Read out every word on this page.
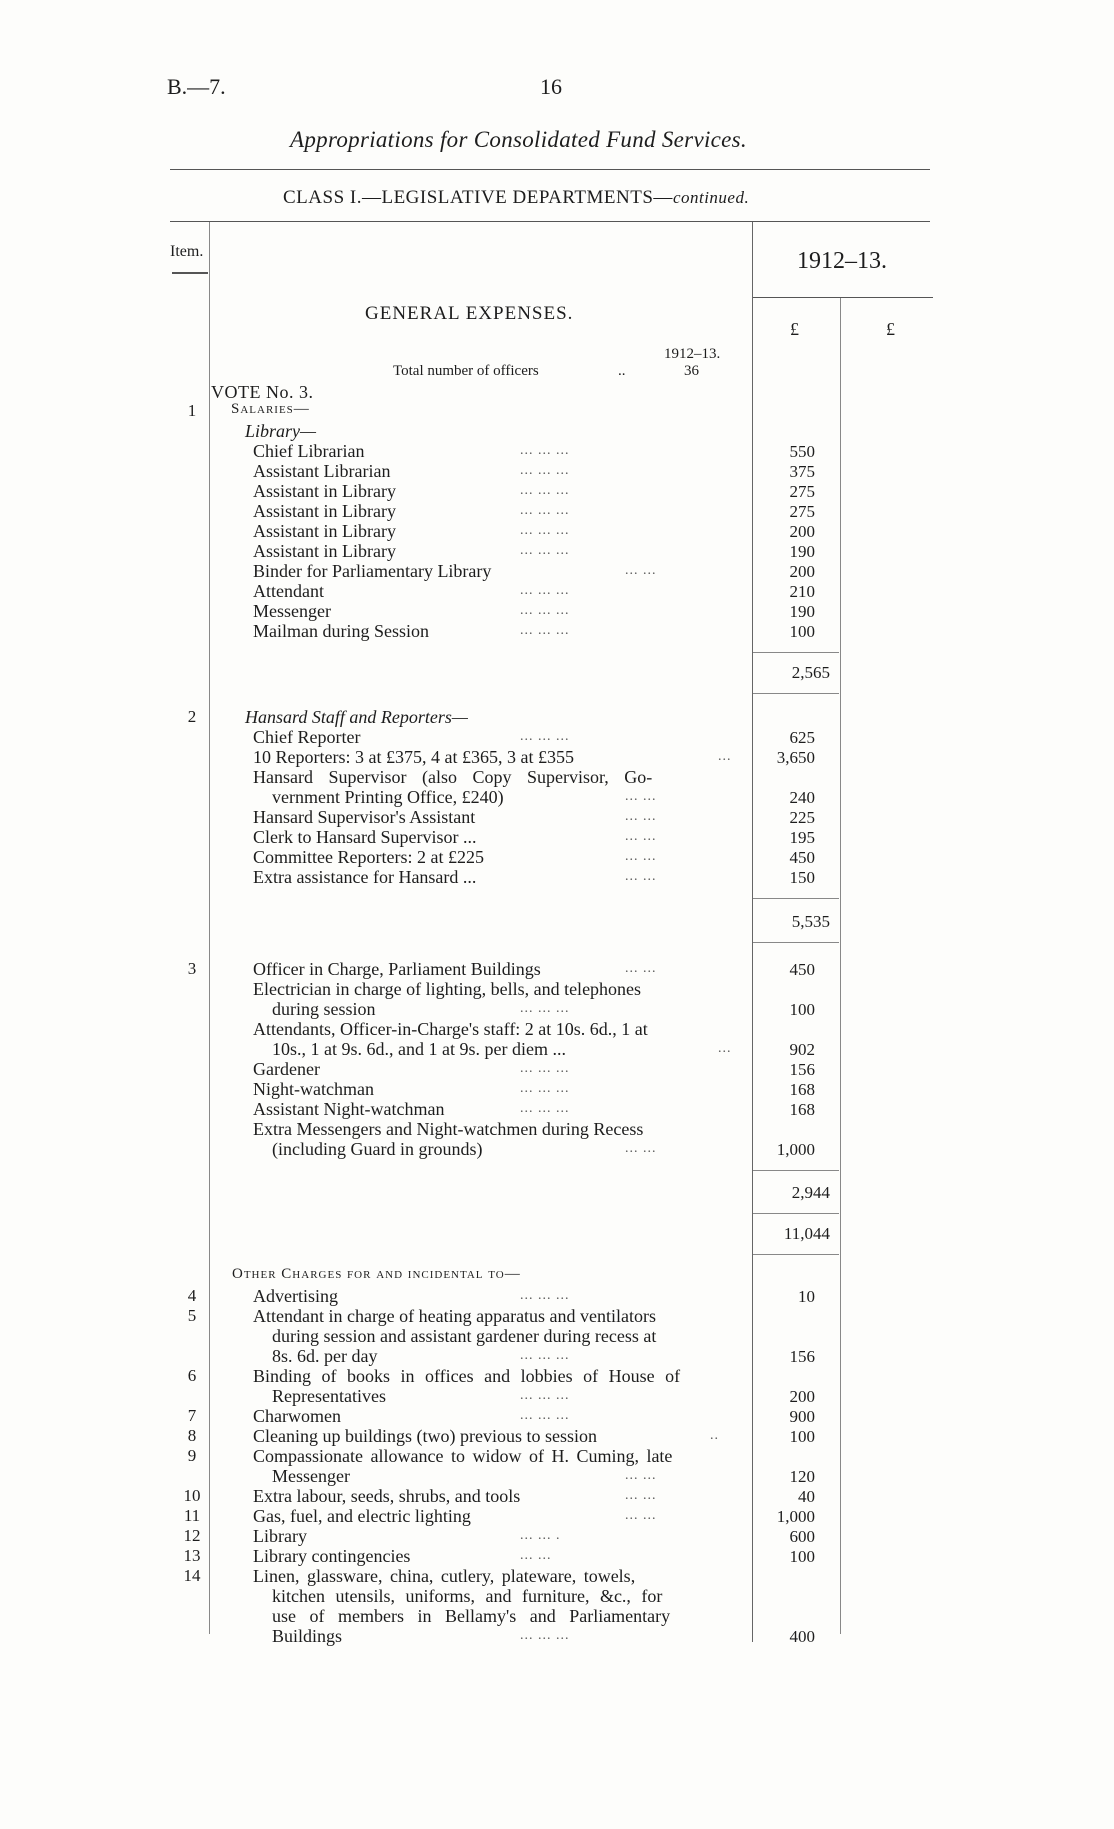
B.—7.	16
Appropriations for Consolidated Fund Services.
CLASS I.—LEGISLATIVE DEPARTMENTS—continued.
Item.	1912–13.
£	£
GENERAL EXPENSES.
1912–13.
Total number of officers	..	36
VOTE No. 3.
Salaries—
1
Library—
Chief Librarian	... ... ...	550
Assistant Librarian	... ... ...	375
Assistant in Library	... ... ...	275
Assistant in Library	... ... ...	275
Assistant in Library	... ... ...	200
Assistant in Library	... ... ...	190
Binder for Parliamentary Library	... ...	200
Attendant	... ... ...	210
Messenger	... ... ...	190
Mailman during Session	... ... ...	100
2,565
2	Hansard Staff and Reporters—
Chief Reporter	... ... ...	625
10 Reporters: 3 at £375, 4 at £365, 3 at £355	...	3,650
Hansard Supervisor (also Copy Supervisor, Go-
vernment Printing Office, £240)	... ...	240
Hansard Supervisor's Assistant	... ...	225
Clerk to Hansard Supervisor ...	... ...	195
Committee Reporters: 2 at £225	... ...	450
Extra assistance for Hansard ...	... ...	150
5,535
3	Officer in Charge, Parliament Buildings	... ...	450
Electrician in charge of lighting, bells, and telephones
during session	... ... ...	100
Attendants, Officer-in-Charge's staff: 2 at 10s. 6d., 1 at
10s., 1 at 9s. 6d., and 1 at 9s. per diem ...	...	902
Gardener	... ... ...	156
Night-watchman	... ... ...	168
Assistant Night-watchman	... ... ...	168
Extra Messengers and Night-watchmen during Recess
(including Guard in grounds)	... ...	1,000
2,944
11,044
Other Charges for and incidental to—
4	Advertising	... ... ...	10
5	Attendant in charge of heating apparatus and ventilators
during session and assistant gardener during recess at
8s. 6d. per day	... ... ...	156
6	Binding of books in offices and lobbies of House of
Representatives	... ... ...	200
7	Charwomen	... ... ...	900
8	Cleaning up buildings (two) previous to session	..	100
9	Compassionate allowance to widow of H. Cuming, late
Messenger	... ...	120
10	Extra labour, seeds, shrubs, and tools	... ...	40
11	Gas, fuel, and electric lighting	... ...	1,000
12	Library	... ... .	600
13	Library contingencies	... ...	100
14	Linen, glassware, china, cutlery, plateware, towels,
kitchen utensils, uniforms, and furniture, &c., for
use of members in Bellamy's and Parliamentary
Buildings	... ... ...	400
